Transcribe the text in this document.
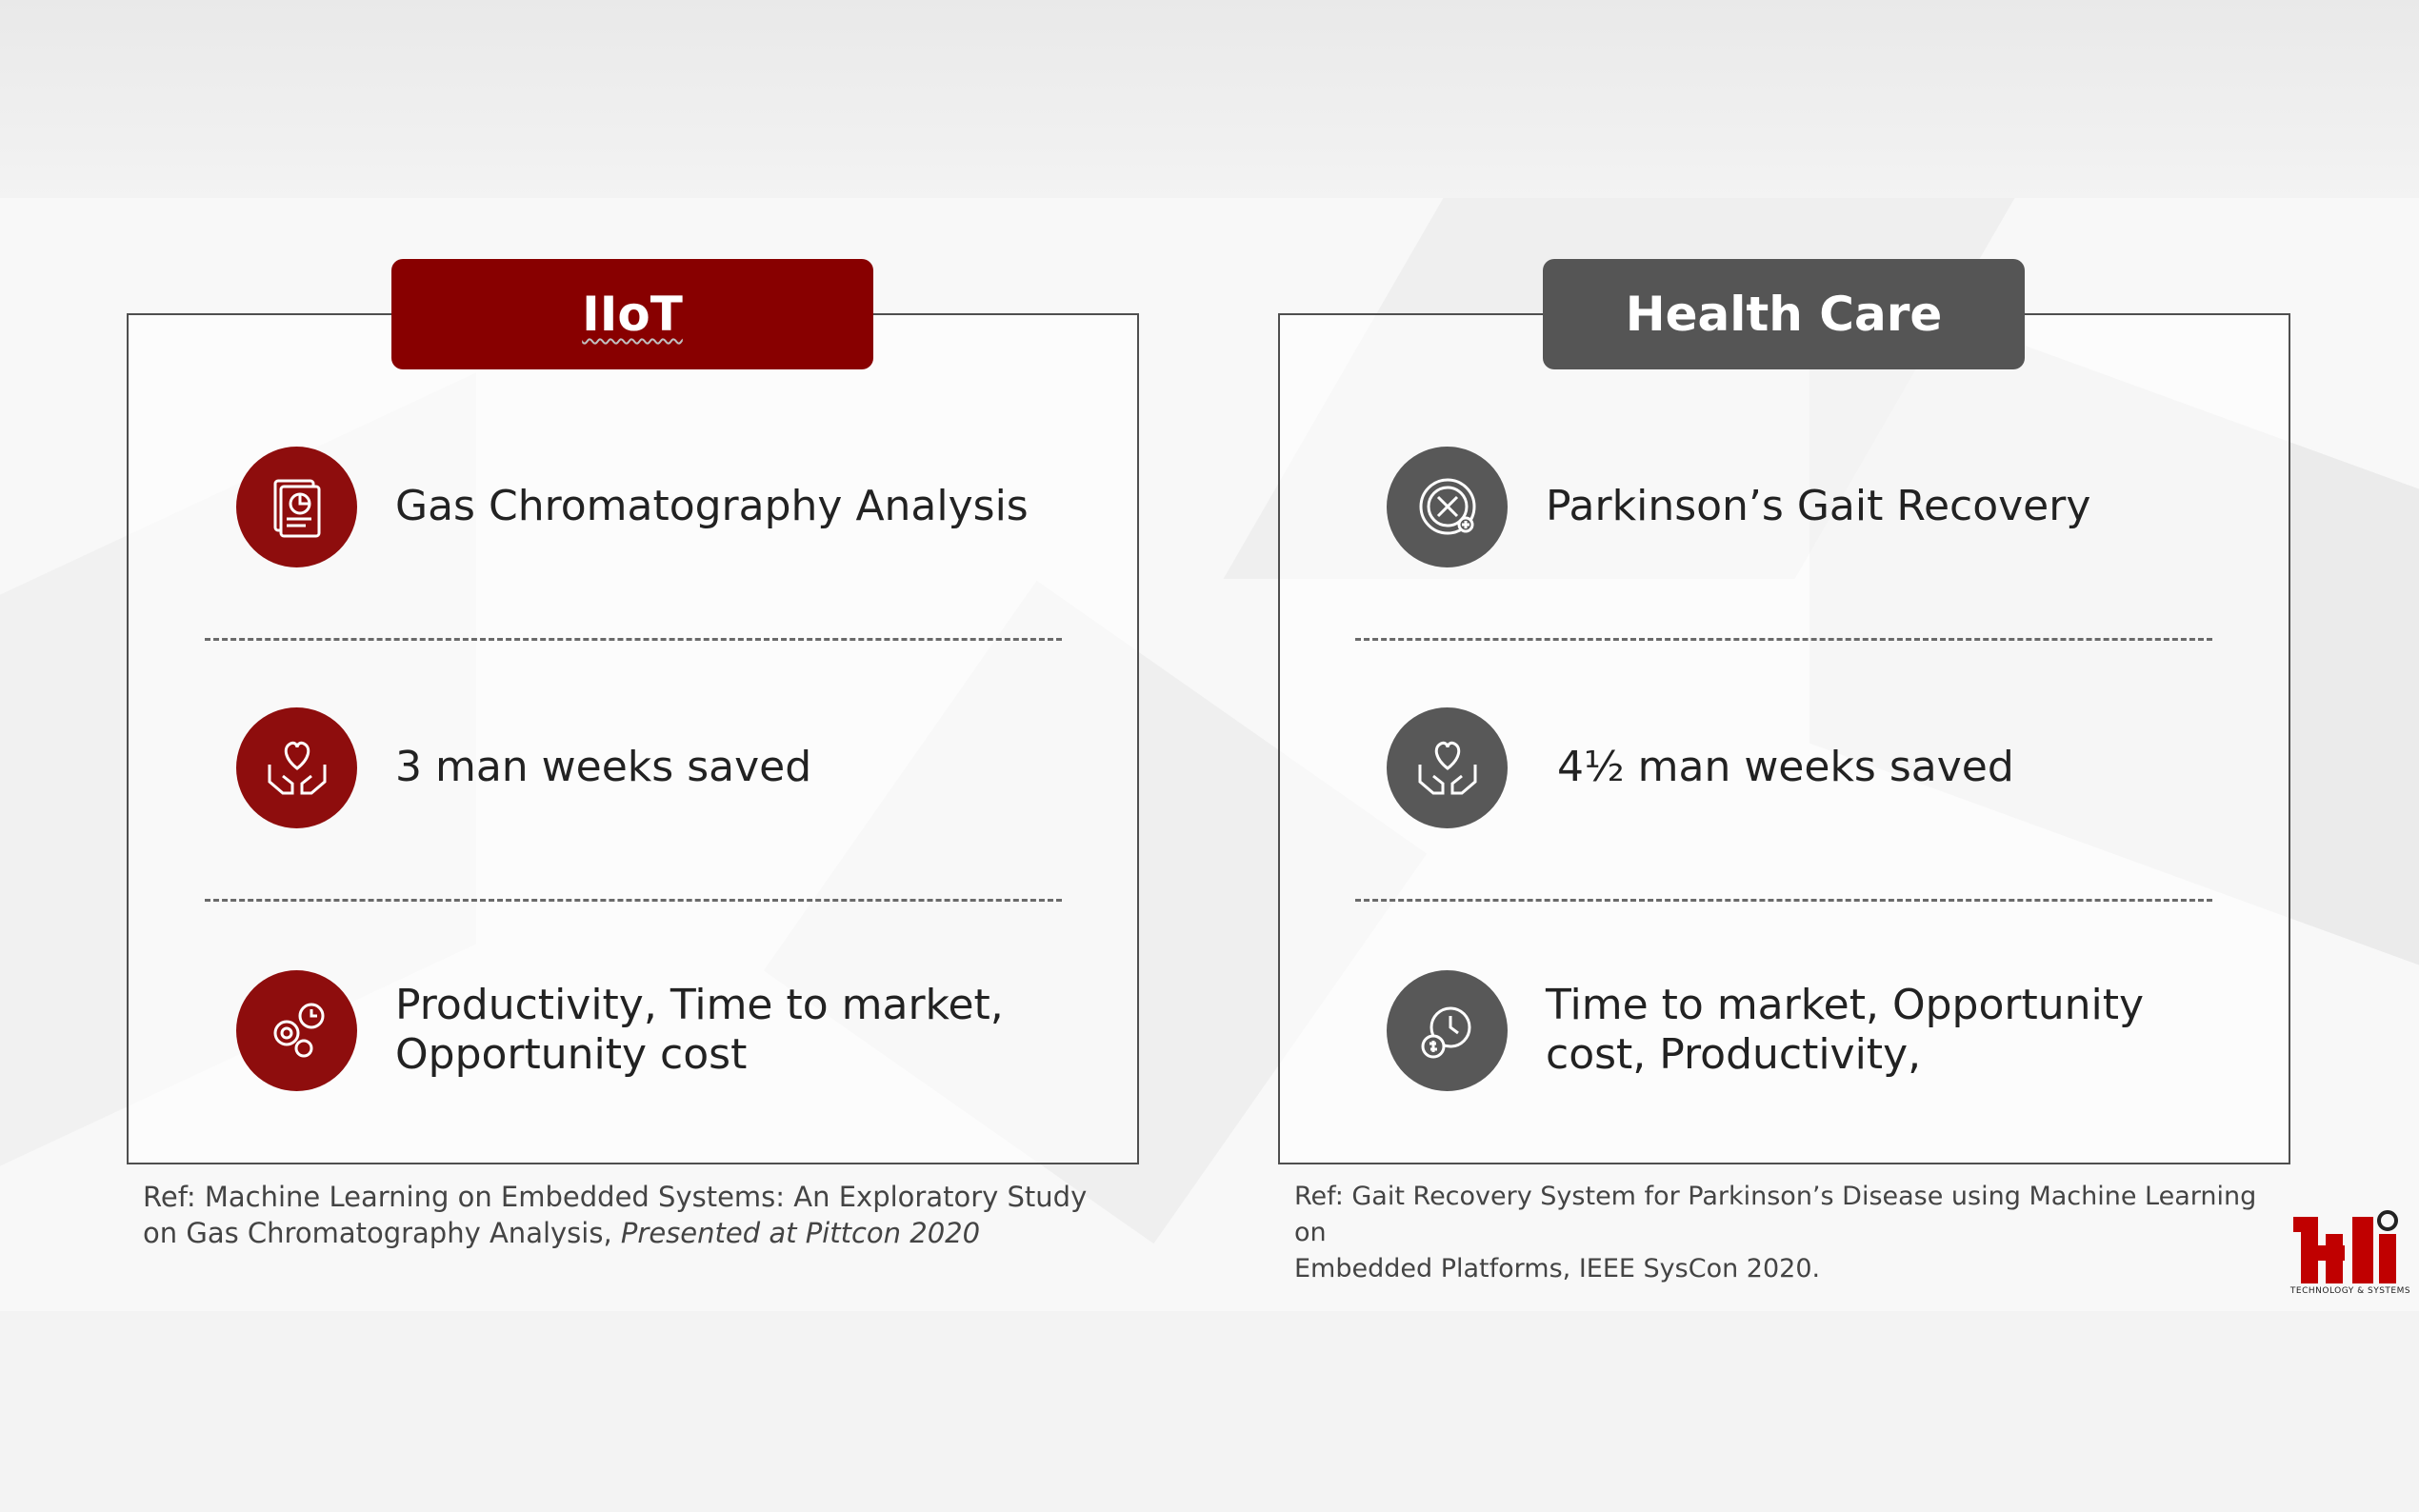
IIoT
Gas Chromatography Analysis
3 man weeks saved
Productivity, Time to market,
Opportunity cost
Ref: Machine Learning on Embedded Systems: An Exploratory Study
on Gas Chromatography Analysis, Presented at Pittcon 2020
Health Care
Parkinson’s Gait Recovery
4½ man weeks saved
Time to market, Opportunity
cost, Productivity,
Ref: Gait Recovery System for Parkinson’s Disease using Machine Learning on
Embedded Platforms, IEEE SysCon 2020.
TECHNOLOGY & SYSTEMS
